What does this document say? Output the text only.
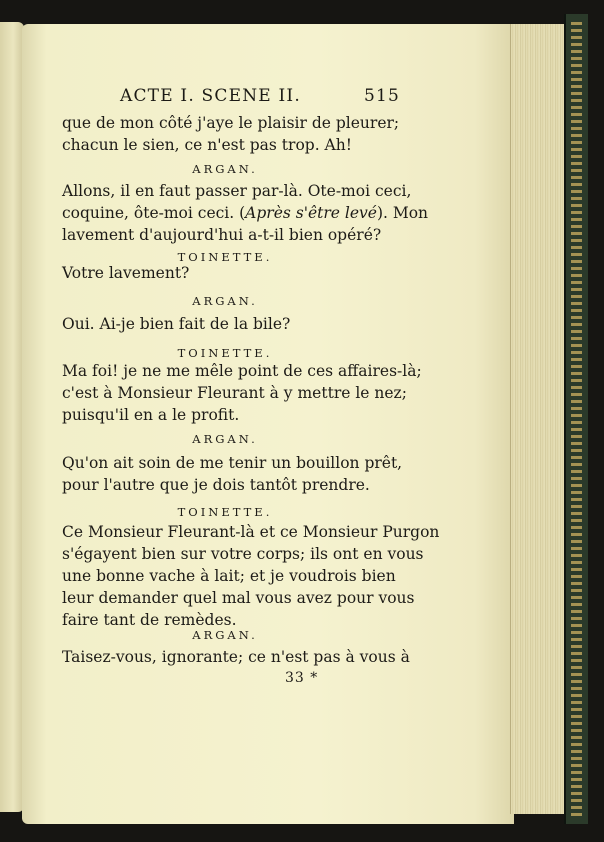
ACTE I. SCENE II.	515
que de mon côté j'aye le plaisir de pleurer;
chacun le sien, ce n'est pas trop. Ah!
ARGAN.
Allons, il en faut passer par-là. Ote-moi ceci,
coquine, ôte-moi ceci. (Après s'être levé). Mon
lavement d'aujourd'hui a-t-il bien opéré?
TOINETTE.
Votre lavement?
ARGAN.
Oui. Ai-je bien fait de la bile?
TOINETTE.
Ma foi! je ne me mêle point de ces affaires-là;
c'est à Monsieur Fleurant à y mettre le nez;
puisqu'il en a le profit.
ARGAN.
Qu'on ait soin de me tenir un bouillon prêt,
pour l'autre que je dois tantôt prendre.
TOINETTE.
Ce Monsieur Fleurant-là et ce Monsieur Purgon
s'égayent bien sur votre corps; ils ont en vous
une bonne vache à lait; et je voudrois bien
leur demander quel mal vous avez pour vous
faire tant de remèdes.
ARGAN.
Taisez-vous, ignorante; ce n'est pas à vous à
33 *
